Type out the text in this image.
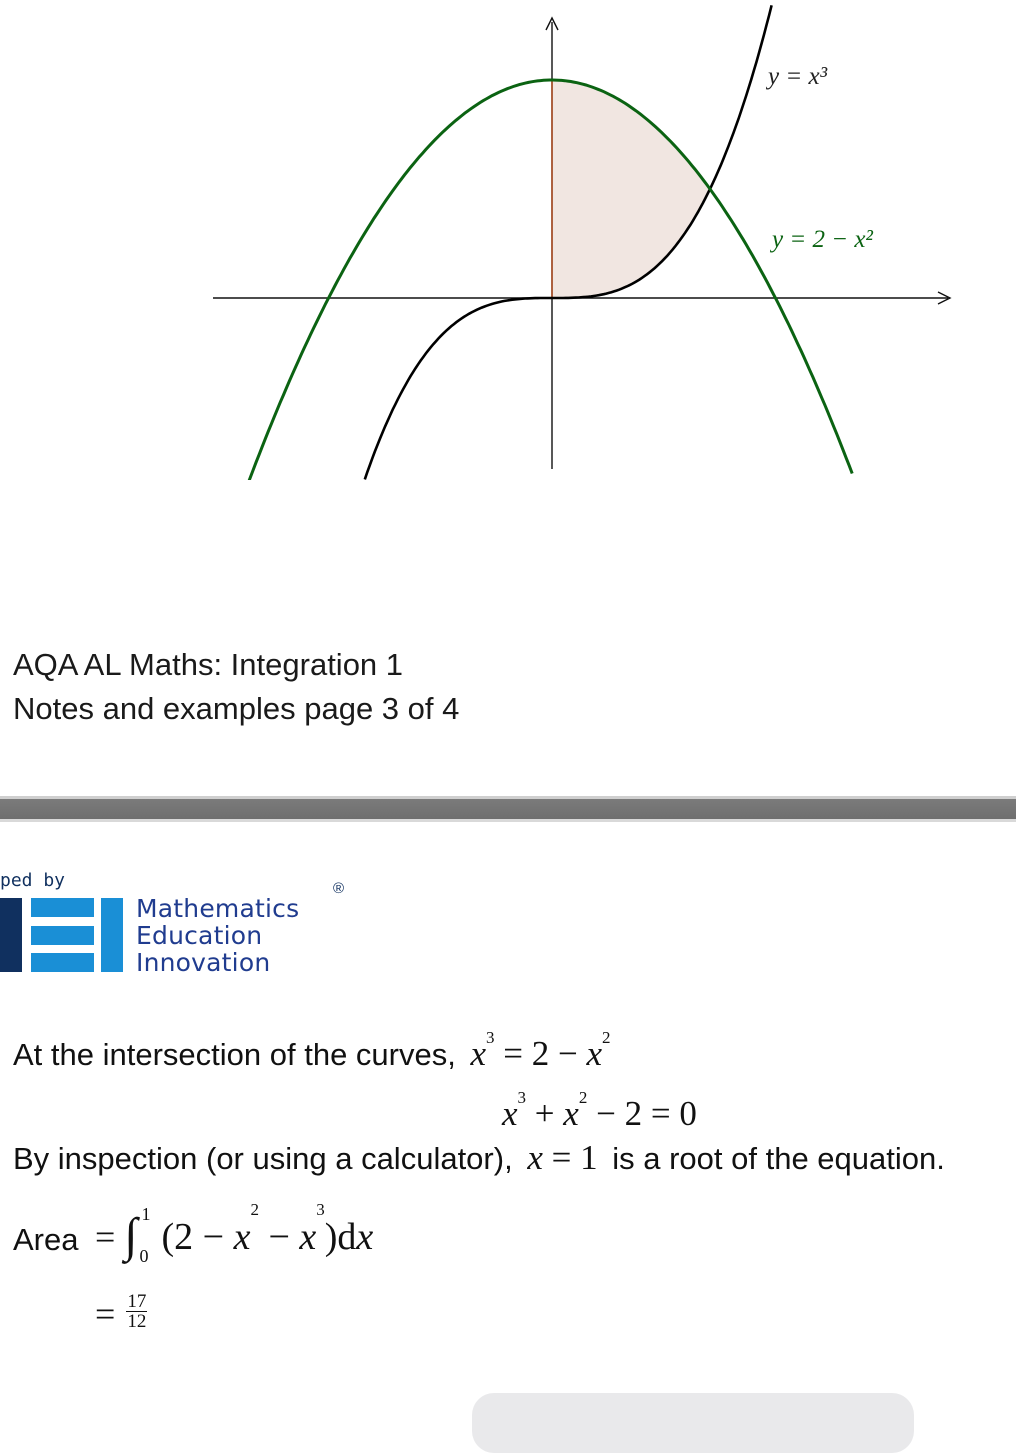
y = x³
y = 2 − x²
AQA AL Maths: Integration 1
Notes and examples page 3 of 4
ped by
Mathematics
Education
Innovation
®
At the intersection of the curves, $x^3 = 2 - x^2$
$x^3 + x^2 - 2 = 0$
By inspection (or using a calculator), x = 1 is a root of the equation.
Area = ∫ 1
0 $(2 - x^2 - x^3)dx$
= $\frac{17}{12}$
